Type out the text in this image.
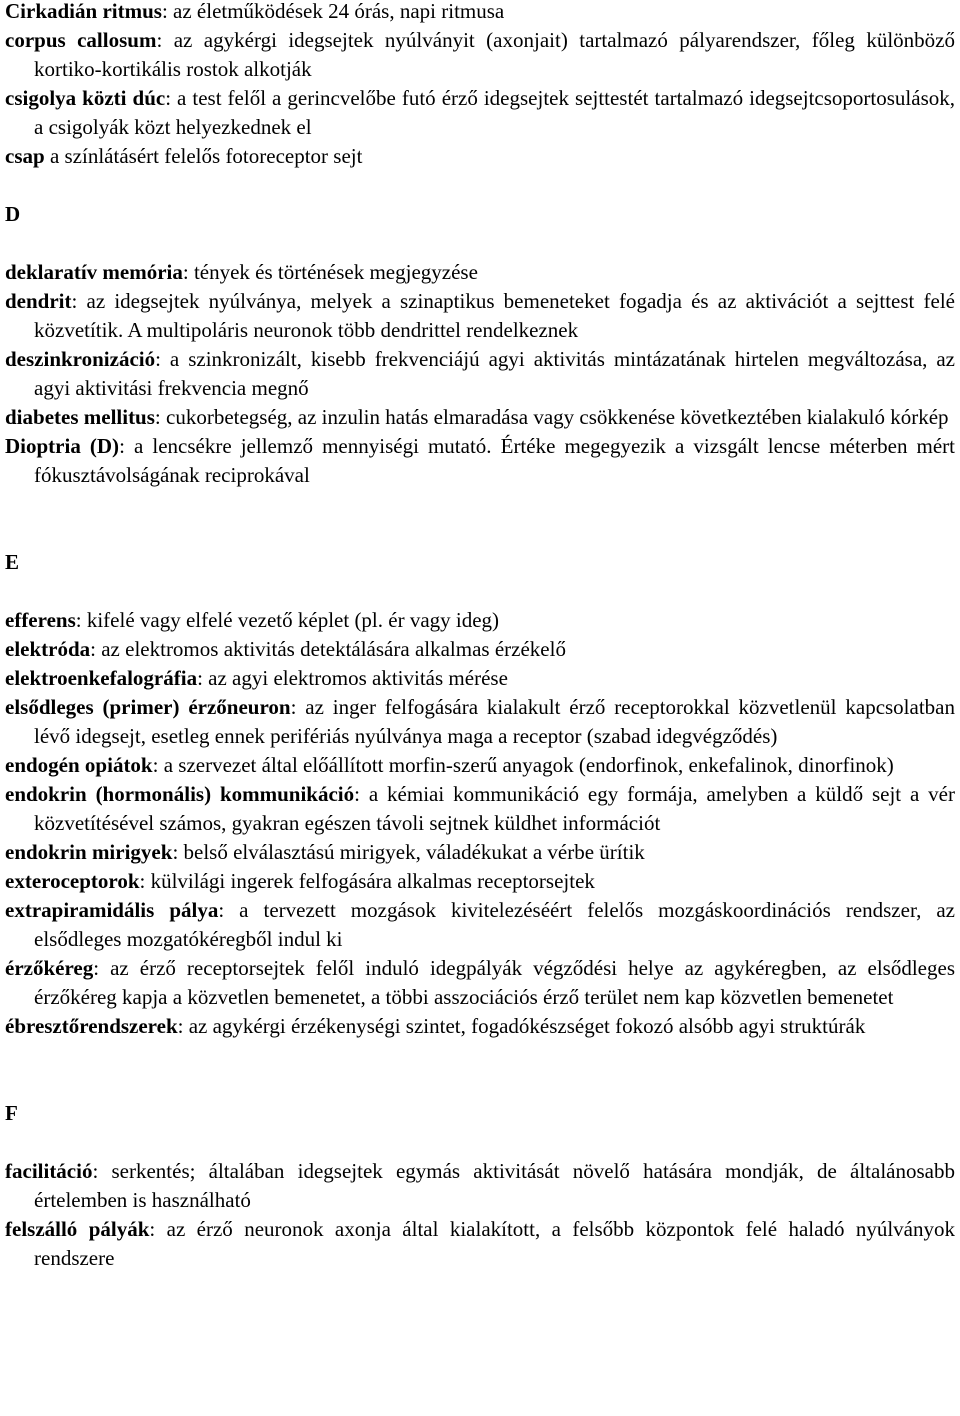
Cirkadián ritmus: az életműködések 24 órás, napi ritmusa

corpus callosum: az agykérgi idegsejtek nyúlványit (axonjait) tartalmazó pályarendszer, főleg különböző kortiko-kortikális rostok alkotják

csigolya közti dúc: a test felől a gerincvelőbe futó érző idegsejtek sejttestét tartalmazó idegsejtcsoportosulások, a csigolyák közt helyezkednek el

csap a színlátásért felelős fotoreceptor sejt

D

deklaratív memória: tények és történések megjegyzése

dendrit: az idegsejtek nyúlványa, melyek a szinaptikus bemeneteket fogadja és az aktivációt a sejttest felé közvetítik. A multipoláris neuronok több dendrittel rendelkeznek

deszinkronizáció: a szinkronizált, kisebb frekvenciájú agyi aktivitás mintázatának hirtelen megváltozása, az agyi aktivitási frekvencia megnő

diabetes mellitus: cukorbetegség, az inzulin hatás elmaradása vagy csökkenése következtében kialakuló kórkép

Dioptria (D): a lencsékre jellemző mennyiségi mutató. Értéke megegyezik a vizsgált lencse méterben mért fókusztávolságának reciprokával

E

efferens: kifelé vagy elfelé vezető képlet (pl. ér vagy ideg)

elektróda: az elektromos aktivitás detektálására alkalmas érzékelő

elektroenkefalográfia: az agyi elektromos aktivitás mérése

elsődleges (primer) érzőneuron: az inger felfogására kialakult érző receptorokkal közvetlenül kapcsolatban lévő idegsejt, esetleg ennek perifériás nyúlványa maga a receptor (szabad idegvégződés)

endogén opiátok: a szervezet által előállított morfin-szerű anyagok (endorfinok, enkefalinok, dinorfinok)

endokrin (hormonális) kommunikáció: a kémiai kommunikáció egy formája, amelyben a küldő sejt a vér közvetítésével számos, gyakran egészen távoli sejtnek küldhet információt

endokrin mirigyek: belső elválasztású mirigyek, váladékukat a vérbe ürítik

exteroceptorok: külvilági ingerek felfogására alkalmas receptorsejtek

extrapiramidális pálya: a tervezett mozgások kivitelezéséért felelős mozgáskoordinációs rendszer, az elsődleges mozgatókéregből indul ki

érzőkéreg: az érző receptorsejtek felől induló idegpályák végződési helye az agykéregben, az elsődleges érzőkéreg kapja a közvetlen bemenetet, a többi asszociációs érző terület nem kap közvetlen bemenetet

ébresztőrendszerek: az agykérgi érzékenységi szintet, fogadókészséget fokozó alsóbb agyi struktúrák

F

facilitáció: serkentés; általában idegsejtek egymás aktivitását növelő hatására mondják, de általánosabb értelemben is használható

felszálló pályák: az érző neuronok axonja által kialakított, a felsőbb központok felé haladó nyúlványok rendszere
